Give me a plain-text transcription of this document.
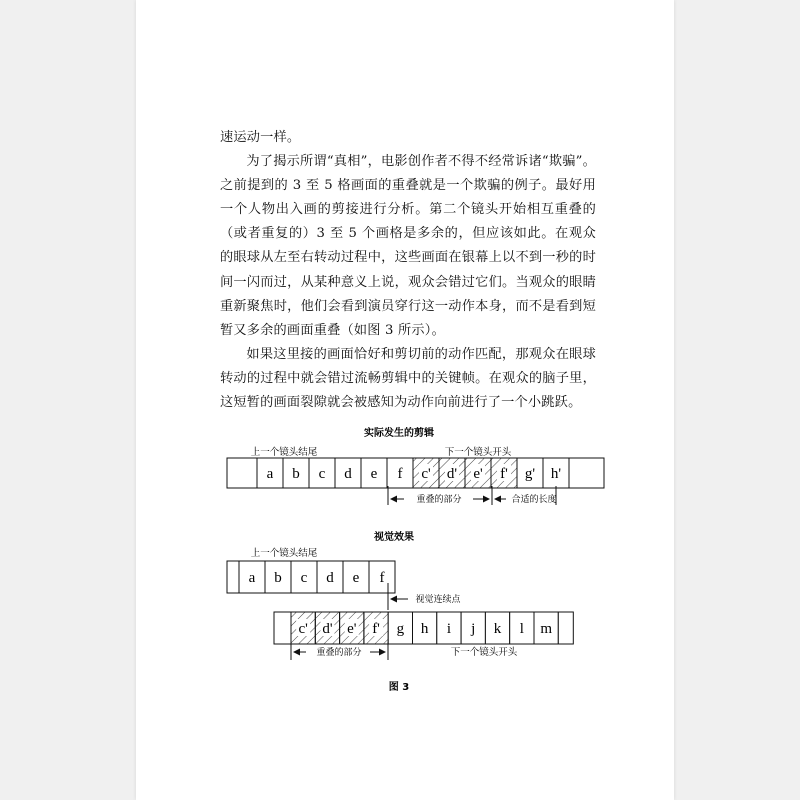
速运动一样。

为了揭示所谓“真相”，电影创作者不得不经常诉诸“欺骗”。之前提到的 3 至 5 格画面的重叠就是一个欺骗的例子。最好用一个人物出入画的剪接进行分析。第二个镜头开始相互重叠的（或者重复的）3 至 5 个画格是多余的，但应该如此。在观众的眼球从左至右转动过程中，这些画面在银幕上以不到一秒的时间一闪而过，从某种意义上说，观众会错过它们。当观众的眼睛重新聚焦时，他们会看到演员穿行这一动作本身，而不是看到短暂又多余的画面重叠（如图 3 所示）。

如果这里接的画面恰好和剪切前的动作匹配，那观众在眼球转动的过程中就会错过流畅剪辑中的关键帧。在观众的脑子里，这短暂的画面裂隙就会被感知为动作向前进行了一个小跳跃。

实际发生的剪辑
上一个镜头结尾	下一个镜头开头
a b c d e f c' d' e' f' g' h'
重叠的部分	合适的长度
视觉效果
上一个镜头结尾
a b c d e f
视觉连续点
c' d' e' f' g h i j k l m
重叠的部分	下一个镜头开头
图 3
